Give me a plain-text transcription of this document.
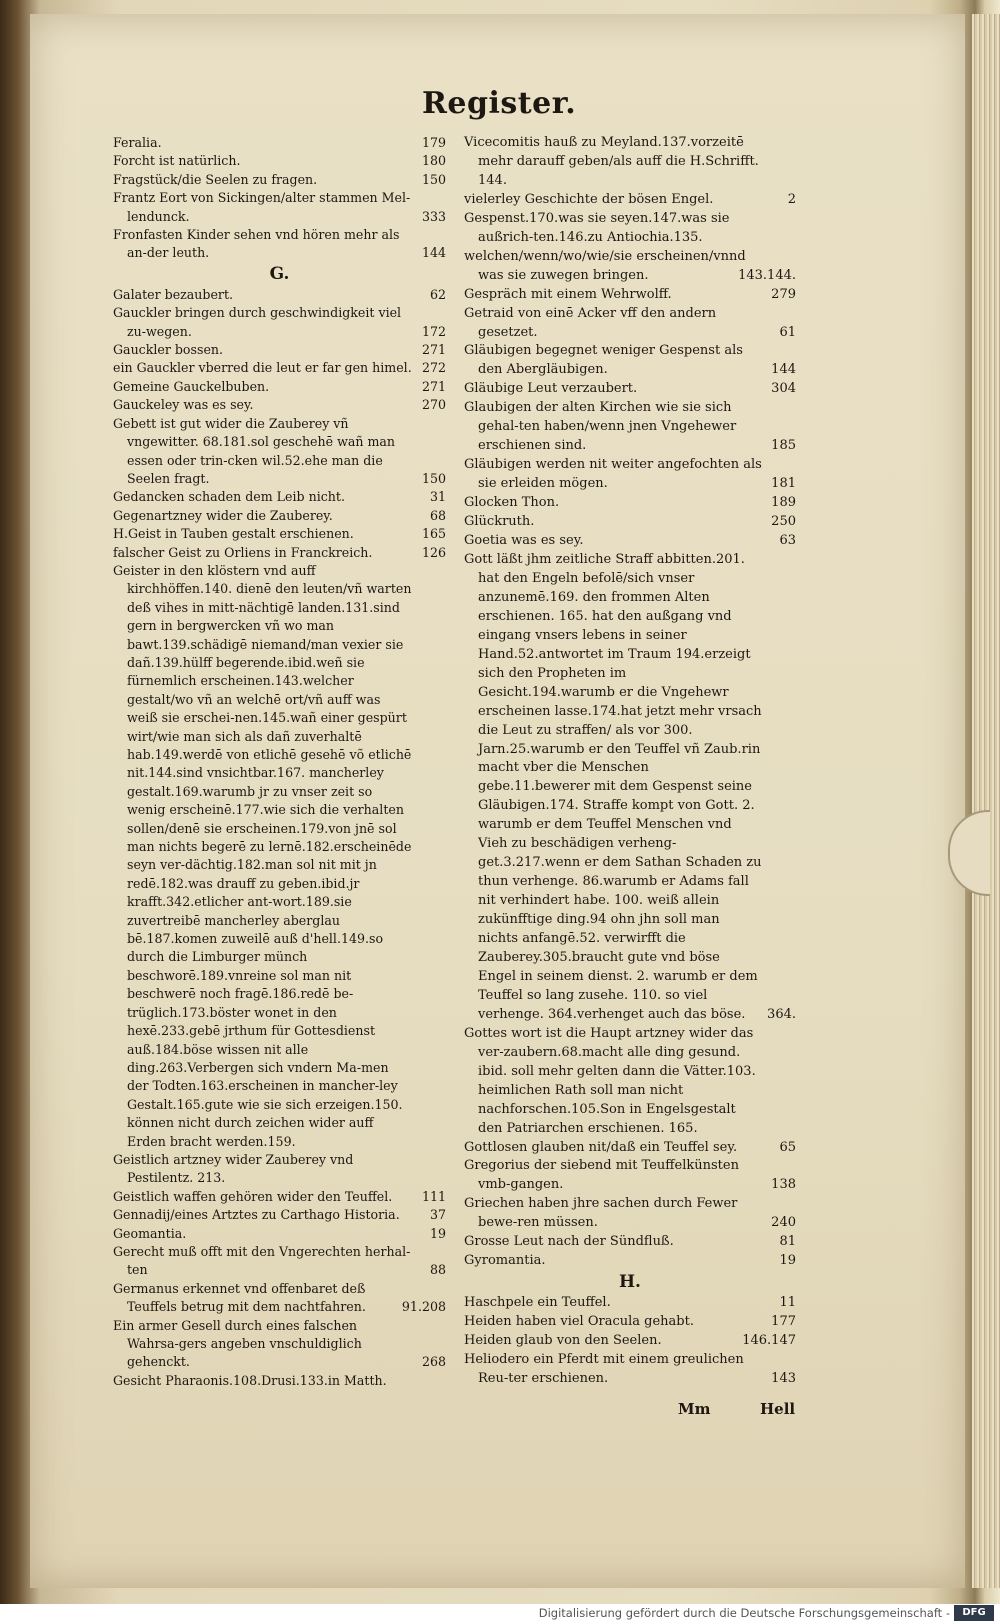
Register.
Feralia.	179
Forcht ist natürlich.	180
Fragstück/die Seelen zu fragen.	150
Frantz Eort von Sickingen/alter stammen Mel-lendunck.	333
Fronfasten Kinder sehen vnd hören mehr als an-der leuth.	144
G.
Galater bezaubert.	62
Gauckler bringen durch geschwindigkeit viel zu-wegen.	172
Gauckler bossen.	271
ein Gauckler vberred die leut er far gen himel. 272
Gemeine Gauckelbuben.	271
Gauckeley was es sey.	270
Gebett ist gut wider die Zauberey vñ vngewitter. 68.181.sol geschehē wañ man essen oder trin-cken wil.52.ehe man die Seelen fragt.	150
Gedancken schaden dem Leib nicht.	31
Gegenartzney wider die Zauberey.	68
H.Geist in Tauben gestalt erschienen.	165
falscher Geist zu Orliens in Franckreich.	126
Geister in den klöstern vnd auff kirchhöffen.140. dienē den leuten/vñ warten deß vihes in mitt-nächtigē landen.131.sind gern in bergwercken vñ wo man bawt.139.schädigē niemand/man vexier sie dañ.139.hülff begerende.ibid.weñ sie fürnemlich erscheinen.143.welcher gestalt/wo vñ an welchē ort/vñ auff was weiß sie erschei-nen.145.wañ einer gespürt wirt/wie man sich als dañ zuverhaltē hab.149.werdē von etlichē gesehē võ etlichē nit.144.sind vnsichtbar.167. mancherley gestalt.169.warumb jr zu vnser zeit so wenig erscheinē.177.wie sich die verhalten sollen/denē sie erscheinen.179.von jnē sol man nichts begerē zu lernē.182.erscheinēde seyn ver-dächtig.182.man sol nit mit jn redē.182.was drauff zu geben.ibid.jr krafft.342.etlicher ant-wort.189.sie zuvertreibē mancherley aberglau bē.187.komen zuweilē auß d'hell.149.so durch die Limburger münch beschworē.189.vnreine sol man nit beschwerē noch fragē.186.redē be-trüglich.173.böster wonet in den hexē.233.gebē jrthum für Gottesdienst auß.184.böse wissen nit alle ding.263.Verbergen sich vndern Ma-men der Todten.163.erscheinen in mancher-ley Gestalt.165.gute wie sie sich erzeigen.150. können nicht durch zeichen wider auff Erden bracht werden.159.
Geistlich artzney wider Zauberey vnd Pestilentz. 213.
Geistlich waffen gehören wider den Teuffel.	111
Gennadij/eines Artztes zu Carthago Historia.	37
Geomantia.	19
Gerecht muß offt mit den Vngerechten herhal-ten	88
Germanus erkennet vnd offenbaret deß Teuffels betrug mit dem nachtfahren.	91.208
Ein armer Gesell durch eines falschen Wahrsa-gers angeben vnschuldiglich gehenckt.	268
Gesicht Pharaonis.108.Drusi.133.in Matth.
Vicecomitis hauß zu Meyland.137.vorzeitē mehr darauff geben/als auff die H.Schrifft. 144.
vielerley Geschichte der bösen Engel.	2
Gespenst.170.was sie seyen.147.was sie außrich-ten.146.zu Antiochia.135.
welchen/wenn/wo/wie/sie erscheinen/vnnd was sie zuwegen bringen.	143.144.
Gespräch mit einem Wehrwolff.	279
Getraid von einē Acker vff den andern gesetzet.	61
Gläubigen begegnet weniger Gespenst als den Abergläubigen.	144
Gläubige Leut verzaubert.	304
Glaubigen der alten Kirchen wie sie sich gehal-ten haben/wenn jnen Vngehewer erschienen sind.	185
Gläubigen werden nit weiter angefochten als sie erleiden mögen.	181
Glocken Thon.	189
Glückruth.	250
Goetia was es sey.	63
Gott läßt jhm zeitliche Straff abbitten.201. hat den Engeln befolē/sich vnser anzunemē.169. den frommen Alten erschienen. 165. hat den außgang vnd eingang vnsers lebens in seiner Hand.52.antwortet im Traum 194.erzeigt sich den Propheten im Gesicht.194.warumb er die Vngehewr erscheinen lasse.174.hat jetzt mehr vrsach die Leut zu straffen/ als vor 300. Jarn.25.warumb er den Teuffel vñ Zaub.rin macht vber die Menschen gebe.11.bewerer mit dem Gespenst seine Gläubigen.174. Straffe kompt von Gott. 2. warumb er dem Teuffel Menschen vnd Vieh zu beschädigen verheng-get.3.217.wenn er dem Sathan Schaden zu thun verhenge. 86.warumb er Adams fall nit verhindert habe. 100. weiß allein zukünfftige ding.94 ohn jhn soll man nichts anfangē.52. verwirfft die Zauberey.305.braucht gute vnd böse Engel in seinem dienst. 2. warumb er dem Teuffel so lang zusehe. 110. so viel verhenge. 364.verhenget auch das böse.	364.
Gottes wort ist die Haupt artzney wider das ver-zaubern.68.macht alle ding gesund. ibid. soll mehr gelten dann die Vätter.103. heimlichen Rath soll man nicht nachforschen.105.Son in Engelsgestalt den Patriarchen erschienen. 165.
Gottlosen glauben nit/daß ein Teuffel sey.	65
Gregorius der siebend mit Teuffelkünsten vmb-gangen.	138
Griechen haben jhre sachen durch Fewer bewe-ren müssen.	240
Grosse Leut nach der Sündfluß.	81
Gyromantia.	19
H.
Haschpele ein Teuffel.	11
Heiden haben viel Oracula gehabt.	177
Heiden glaub von den Seelen.	146.147
Heliodero ein Pferdt mit einem greulichen Reu-ter erschienen.	143
Mm	Hell
Digitalisierung gefördert durch die Deutsche Forschungsgemeinschaft -	DFG
